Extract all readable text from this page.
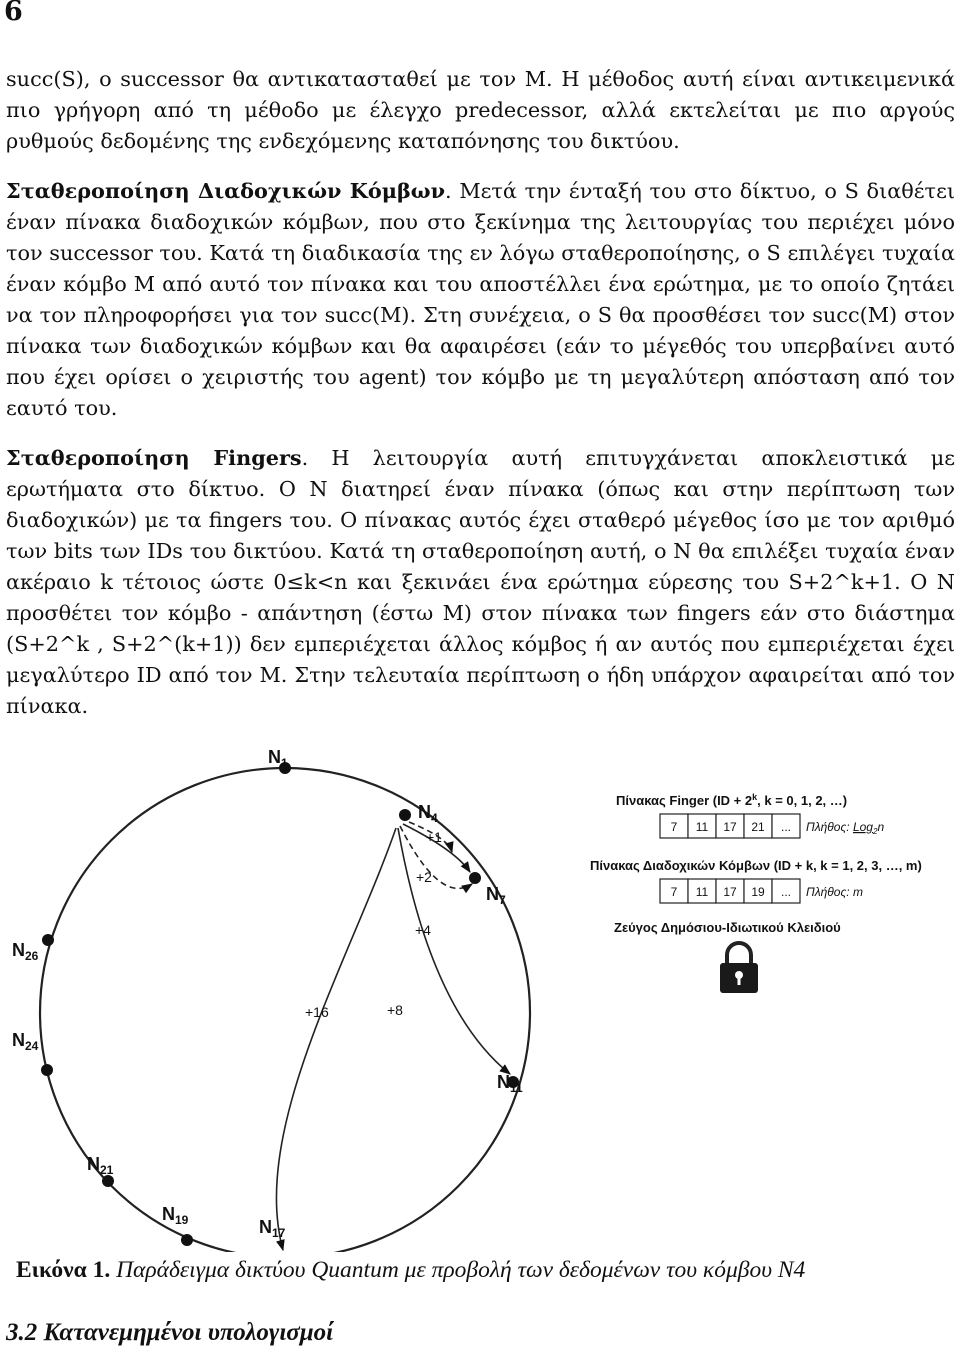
6

succ(S), ο successor θα αντικατασταθεί με τον Μ. Η μέθοδος αυτή είναι αντικειμενικά πιο γρήγορη από τη μέθοδο με έλεγχο predecessor, αλλά εκτελείται με πιο αργούς ρυθμούς δεδομένης της ενδεχόμενης καταπόνησης του δικτύου.

Σταθεροποίηση Διαδοχικών Κόμβων. Μετά την ένταξή του στο δίκτυο, ο S διαθέτει έναν πίνακα διαδοχικών κόμβων, που στο ξεκίνημα της λειτουργίας του περιέχει μόνο τον successor του. Κατά τη διαδικασία της εν λόγω σταθεροποίησης, ο S επιλέγει τυχαία έναν κόμβο M από αυτό τον πίνακα και του αποστέλλει ένα ερώτημα, με το οποίο ζητάει να τον πληροφορήσει για τον succ(M). Στη συνέχεια, ο S θα προσθέσει τον succ(M) στον πίνακα των διαδοχικών κόμβων και θα αφαιρέσει (εάν το μέγεθός του υπερβαίνει αυτό που έχει ορίσει ο χειριστής του agent) τον κόμβο με τη μεγαλύτερη απόσταση από τον εαυτό του.

Σταθεροποίηση Fingers. Η λειτουργία αυτή επιτυγχάνεται αποκλειστικά με ερωτήματα στο δίκτυο. Ο N διατηρεί έναν πίνακα (όπως και στην περίπτωση των διαδοχικών) με τα fingers του. Ο πίνακας αυτός έχει σταθερό μέγεθος ίσο με τον αριθμό των bits των IDs του δικτύου. Κατά τη σταθεροποίηση αυτή, ο N θα επιλέξει τυχαία έναν ακέραιο k τέτοιος ώστε 0≤k<n και ξεκινάει ένα ερώτημα εύρεσης του S+2^k+1. Ο N προσθέτει τον κόμβο - απάντηση (έστω M) στον πίνακα των fingers εάν στο διάστημα (S+2^k , S+2^(k+1)) δεν εμπεριέχεται άλλος κόμβος ή αν αυτός που εμπεριέχεται έχει μεγαλύτερο ID από τον M. Στην τελευταία περίπτωση ο ήδη υπάρχον αφαιρείται από τον πίνακα.

+1
+2
+4
+8
+16
$N_1$
$N_4$
$N_7$
$N_{11}$
$N_{17}$
$N_{19}$
$N_{21}$
$N_{24}$
$N_{26}$
Πίνακας Finger ($ID + 2^k$, k = 0, 1, 2, …)
7 11 17 21 ... Πλήθος: Log$_2$n
Πίνακας Διαδοχικών Κόμβων (ID + k, k = 1, 2, 3, …, m)
7 11 17 19 ... Πλήθος: m
Ζεύγος Δημόσιου-Ιδιωτικού Κλειδιού
Εικόνα 1. Παράδειγμα δικτύου Quantum με προβολή των δεδομένων του κόμβου N4
3.2 Κατανεμημένοι υπολογισμοί
